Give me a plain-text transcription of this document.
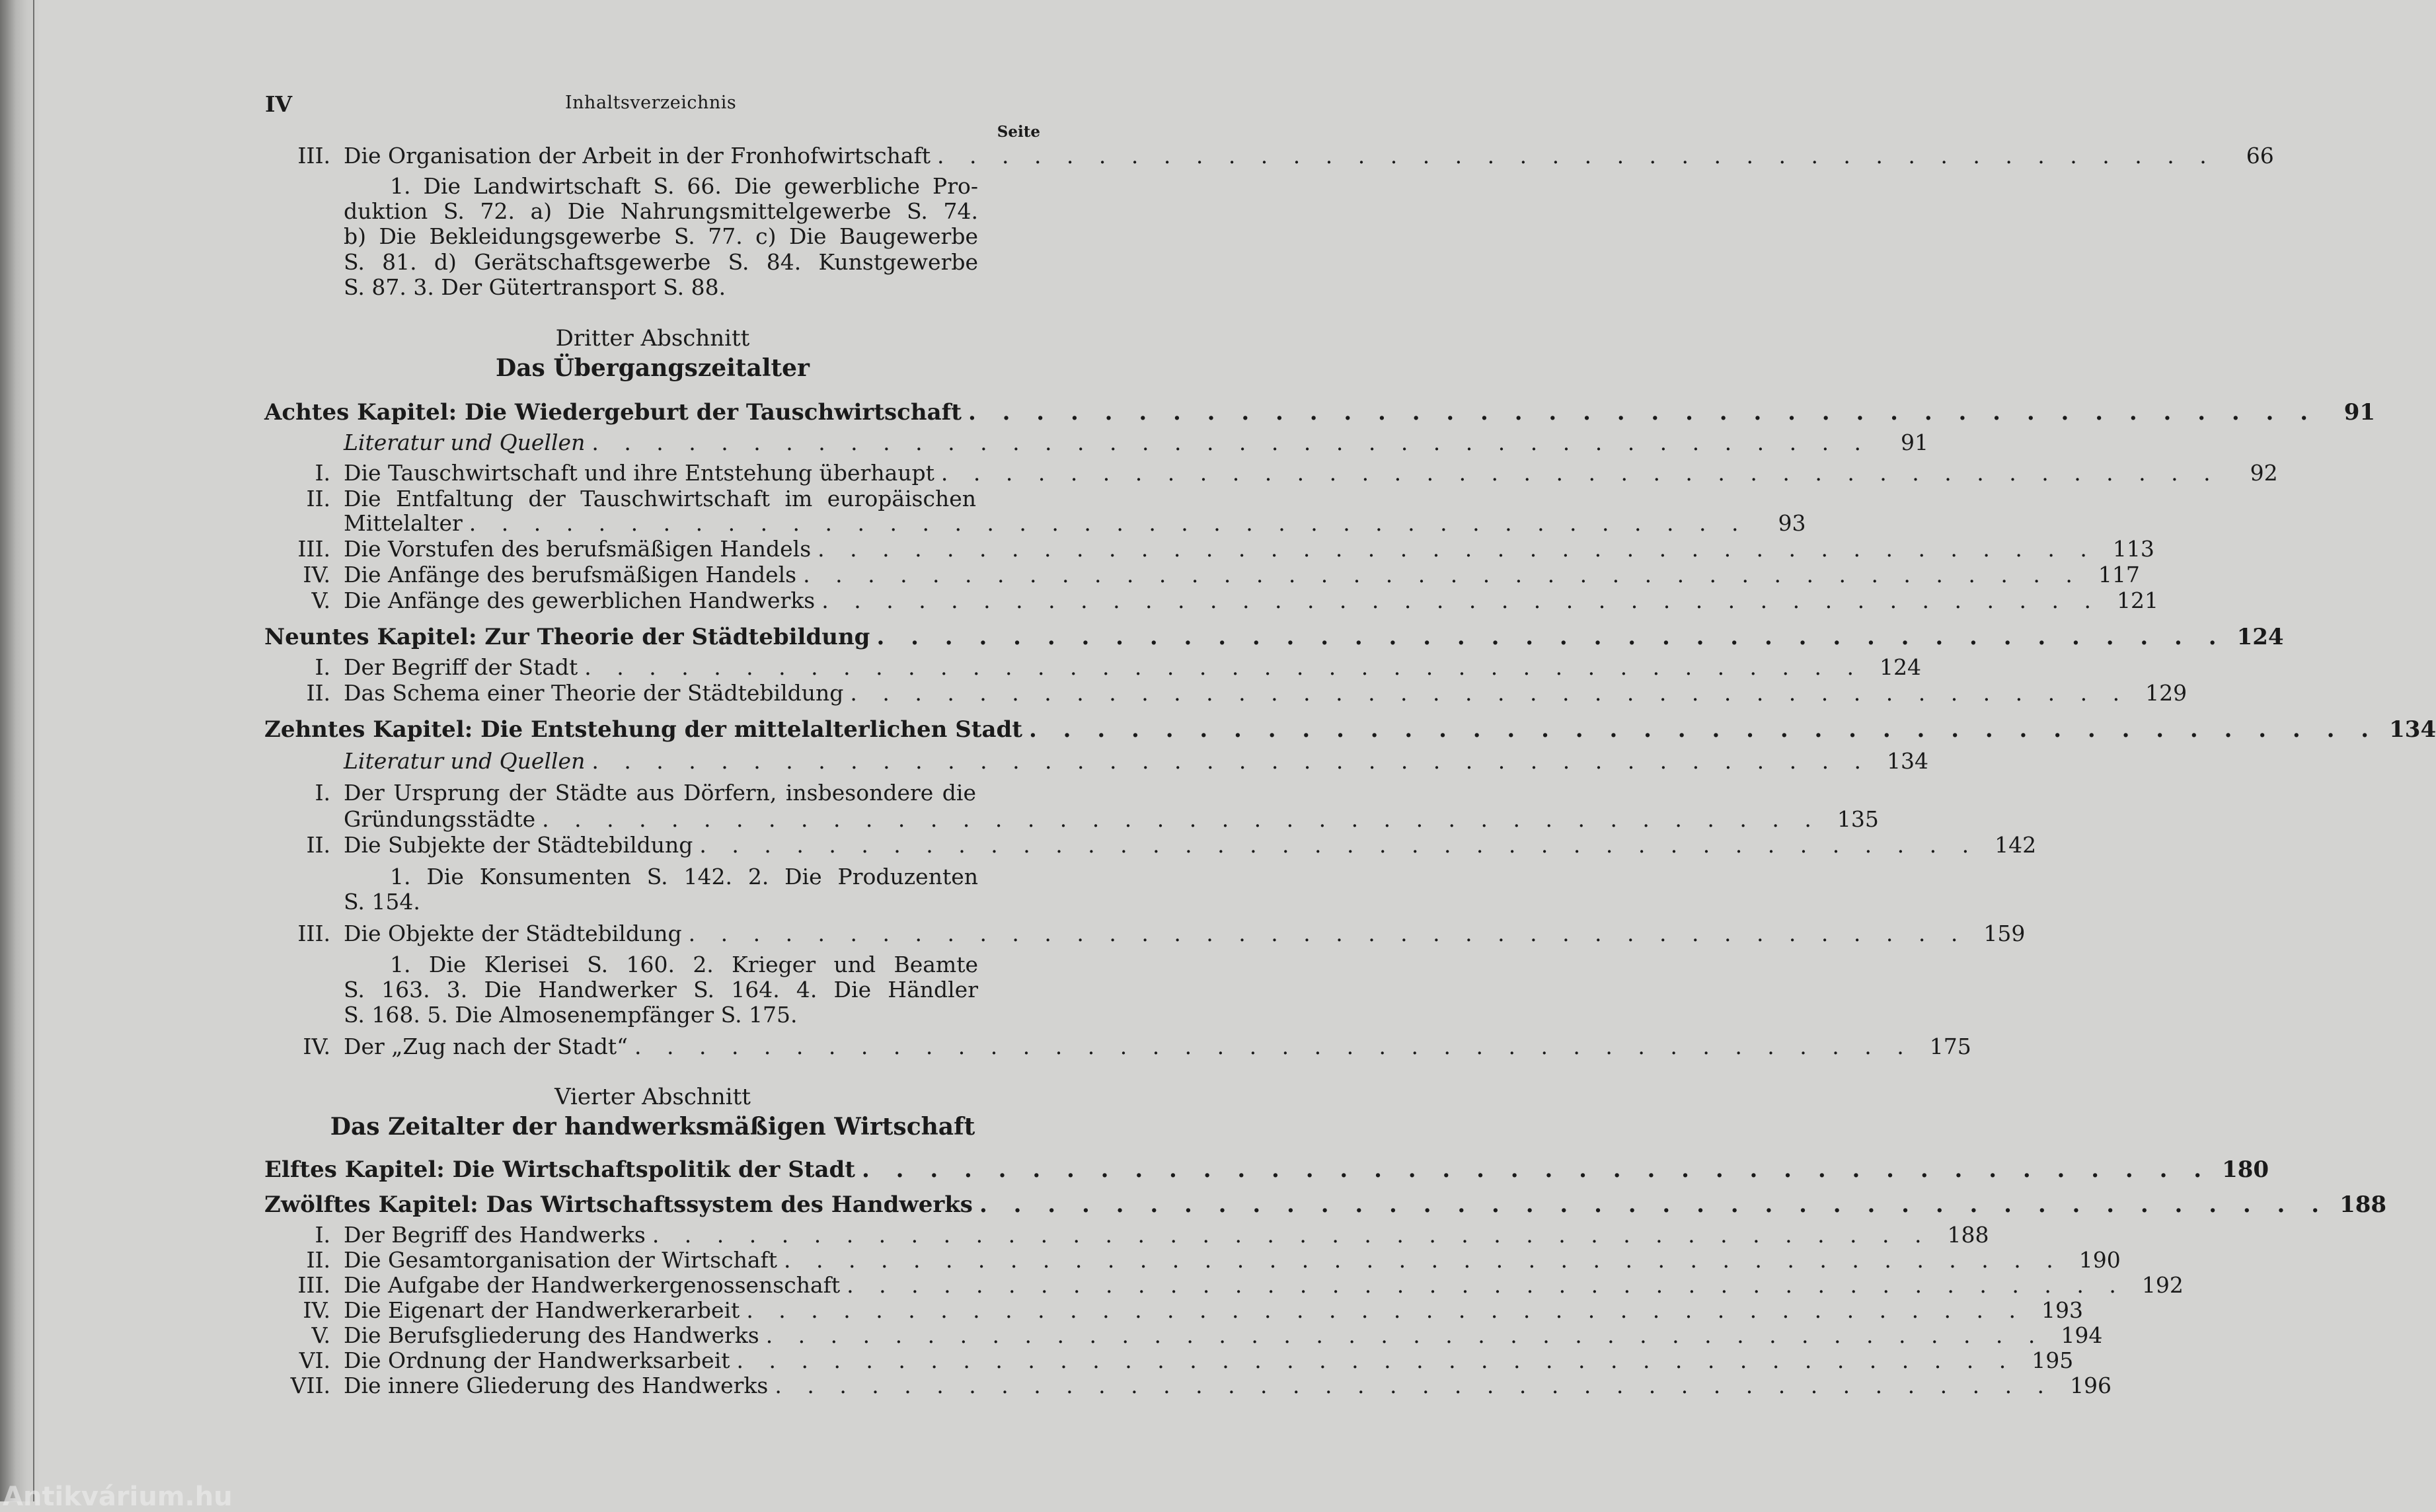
IV	Inhaltsverzeichnis
Seite
III. Die Organisation der Arbeit in der Fronhofwirtschaft . . . . . . . . . . . . . . . . . . . . . . . . . . . . . . . . . . . . . . . .	66
1. Die Landwirtschaft S. 66. Die gewerbliche Pro-
duktion S. 72. a) Die Nahrungsmittelgewerbe S. 74.
b) Die Bekleidungsgewerbe S. 77. c) Die Baugewerbe
S. 81. d) Gerätschaftsgewerbe S. 84. Kunstgewerbe
S. 87. 3. Der Gütertransport S. 88.
Dritter Abschnitt
Das Übergangszeitalter
Achtes Kapitel: Die Wiedergeburt der Tauschwirtschaft . . . . . . . . . . . . . . . . . . . . . . . . . . . . . . . . . . . . . . . .	91
Literatur und Quellen . . . . . . . . . . . . . . . . . . . . . . . . . . . . . . . . . . . . . . . .	91
I. Die Tauschwirtschaft und ihre Entstehung überhaupt . . . . . . . . . . . . . . . . . . . . . . . . . . . . . . . . . . . . . . . .	92
II. Die Entfaltung der Tauschwirtschaft im europäischen
Mittelalter . . . . . . . . . . . . . . . . . . . . . . . . . . . . . . . . . . . . . . . .	93
III. Die Vorstufen des berufsmäßigen Handels . . . . . . . . . . . . . . . . . . . . . . . . . . . . . . . . . . . . . . . . 113
IV. Die Anfänge des berufsmäßigen Handels . . . . . . . . . . . . . . . . . . . . . . . . . . . . . . . . . . . . . . . . 117
V. Die Anfänge des gewerblichen Handwerks . . . . . . . . . . . . . . . . . . . . . . . . . . . . . . . . . . . . . . . . 121
Neuntes Kapitel: Zur Theorie der Städtebildung . . . . . . . . . . . . . . . . . . . . . . . . . . . . . . . . . . . . . . . . 124
I. Der Begriff der Stadt . . . . . . . . . . . . . . . . . . . . . . . . . . . . . . . . . . . . . . . . 124
II. Das Schema einer Theorie der Städtebildung . . . . . . . . . . . . . . . . . . . . . . . . . . . . . . . . . . . . . . . . 129
Zehntes Kapitel: Die Entstehung der mittelalterlichen Stadt . . . . . . . . . . . . . . . . . . . . . . . . . . . . . . . . . . . . . . . . 134
Literatur und Quellen . . . . . . . . . . . . . . . . . . . . . . . . . . . . . . . . . . . . . . . . 134
I. Der Ursprung der Städte aus Dörfern, insbesondere die
Gründungsstädte . . . . . . . . . . . . . . . . . . . . . . . . . . . . . . . . . . . . . . . . 135
II. Die Subjekte der Städtebildung . . . . . . . . . . . . . . . . . . . . . . . . . . . . . . . . . . . . . . . . 142
1. Die Konsumenten S. 142. 2. Die Produzenten
S. 154.
III. Die Objekte der Städtebildung . . . . . . . . . . . . . . . . . . . . . . . . . . . . . . . . . . . . . . . . 159
1. Die Klerisei S. 160. 2. Krieger und Beamte
S. 163. 3. Die Handwerker S. 164. 4. Die Händler
S. 168. 5. Die Almosenempfänger S. 175.
IV. Der „Zug nach der Stadt“ . . . . . . . . . . . . . . . . . . . . . . . . . . . . . . . . . . . . . . . . 175
Vierter Abschnitt
Das Zeitalter der handwerksmäßigen Wirtschaft
Elftes Kapitel: Die Wirtschaftspolitik der Stadt . . . . . . . . . . . . . . . . . . . . . . . . . . . . . . . . . . . . . . . . 180
Zwölftes Kapitel: Das Wirtschaftssystem des Handwerks . . . . . . . . . . . . . . . . . . . . . . . . . . . . . . . . . . . . . . . . 188
I. Der Begriff des Handwerks . . . . . . . . . . . . . . . . . . . . . . . . . . . . . . . . . . . . . . . . 188
II. Die Gesamtorganisation der Wirtschaft . . . . . . . . . . . . . . . . . . . . . . . . . . . . . . . . . . . . . . . . 190
III. Die Aufgabe der Handwerkergenossenschaft . . . . . . . . . . . . . . . . . . . . . . . . . . . . . . . . . . . . . . . . 192
IV. Die Eigenart der Handwerkerarbeit . . . . . . . . . . . . . . . . . . . . . . . . . . . . . . . . . . . . . . . . 193
V. Die Berufsgliederung des Handwerks . . . . . . . . . . . . . . . . . . . . . . . . . . . . . . . . . . . . . . . . 194
VI. Die Ordnung der Handwerksarbeit . . . . . . . . . . . . . . . . . . . . . . . . . . . . . . . . . . . . . . . . 195
VII. Die innere Gliederung des Handwerks . . . . . . . . . . . . . . . . . . . . . . . . . . . . . . . . . . . . . . . . 196
Antikvárium.hu
